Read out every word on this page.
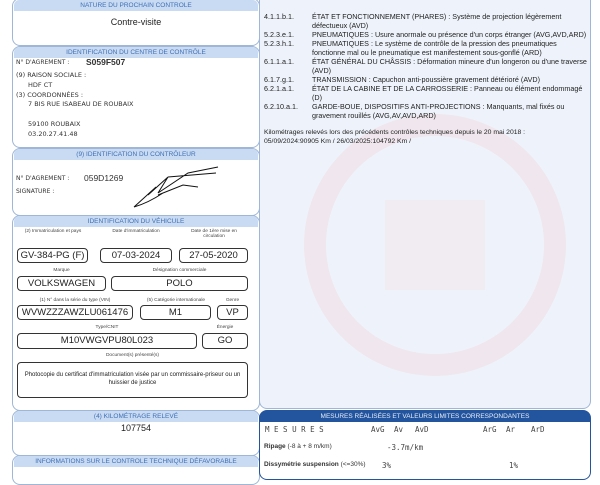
NATURE DU PROCHAIN CONTROLE
Contre-visite
IDENTIFICATION DU CENTRE DE CONTRÔLE
N° D'AGREMENT : S059F507
(9) RAISON SOCIALE :
HDF CT
(3) COORDONNÉES :
7 BIS RUE ISABEAU DE ROUBAIX
59100 ROUBAIX
03.20.27.41.48
(9) IDENTIFICATION DU CONTRÔLEUR
N° D'AGREMENT : 059D1269
SIGNATURE :
IDENTIFICATION DU VÉHICULE
(2) Immatriculation et pays	Date d'immatriculation	Date de 1ère mise en circulation
GV-384-PG (F)	07-03-2024	27-05-2020
Marque	Désignation commerciale
VOLKSWAGEN	POLO
(1) N° dans la série du type (VIN)	(5) Catégorie internationale	Genre
WVWZZZAWZLU061476	M1	VP
Type/CNIT	Énergie
M10VWGVPU80L023	GO
Document(s) présenté(s)
Photocopie du certificat d'immatriculation visée par un commissaire-priseur ou un huissier de justice
(4) KILOMÉTRAGE RELEVÉ
107754
INFORMATIONS SUR LE CONTROLE TECHNIQUE DÉFAVORABLE
4.1.1.b.1.	ÉTAT ET FONCTIONNEMENT (PHARES) : Système de projection légèrement défectueux (AVD)
5.2.3.e.1.	PNEUMATIQUES : Usure anormale ou présence d'un corps étranger (AVG,AVD,ARD)
5.2.3.h.1.	PNEUMATIQUES : Le système de contrôle de la pression des pneumatiques fonctionne mal ou le pneumatique est manifestement sous-gonflé (ARD)
6.1.1.a.1.	ÉTAT GÉNÉRAL DU CHÂSSIS : Déformation mineure d'un longeron ou d'une traverse (AVD)
6.1.7.g.1.	TRANSMISSION : Capuchon anti-poussière gravement détérioré (AVD)
6.2.1.a.1.	ÉTAT DE LA CABINE ET DE LA CARROSSERIE : Panneau ou élément endommagé (D)
6.2.10.a.1.	GARDE-BOUE, DISPOSITIFS ANTI-PROJECTIONS : Manquants, mal fixés ou gravement rouillés (AVG,AV,AVD,ARD)
Kilométrages relevés lors des précédents contrôles techniques depuis le 20 mai 2018 :
05/09/2024:90905 Km / 26/03/2025:104792 Km /
MESURES RÉALISÉES ET VALEURS LIMITES CORRESPONDANTES
M E S U R E S	AvG Av AvD	ArG Ar ArD
Ripage (-8 à + 8 m/km)	-3.7m/km
Dissymétrie suspension (<=30%) 3%	1%
